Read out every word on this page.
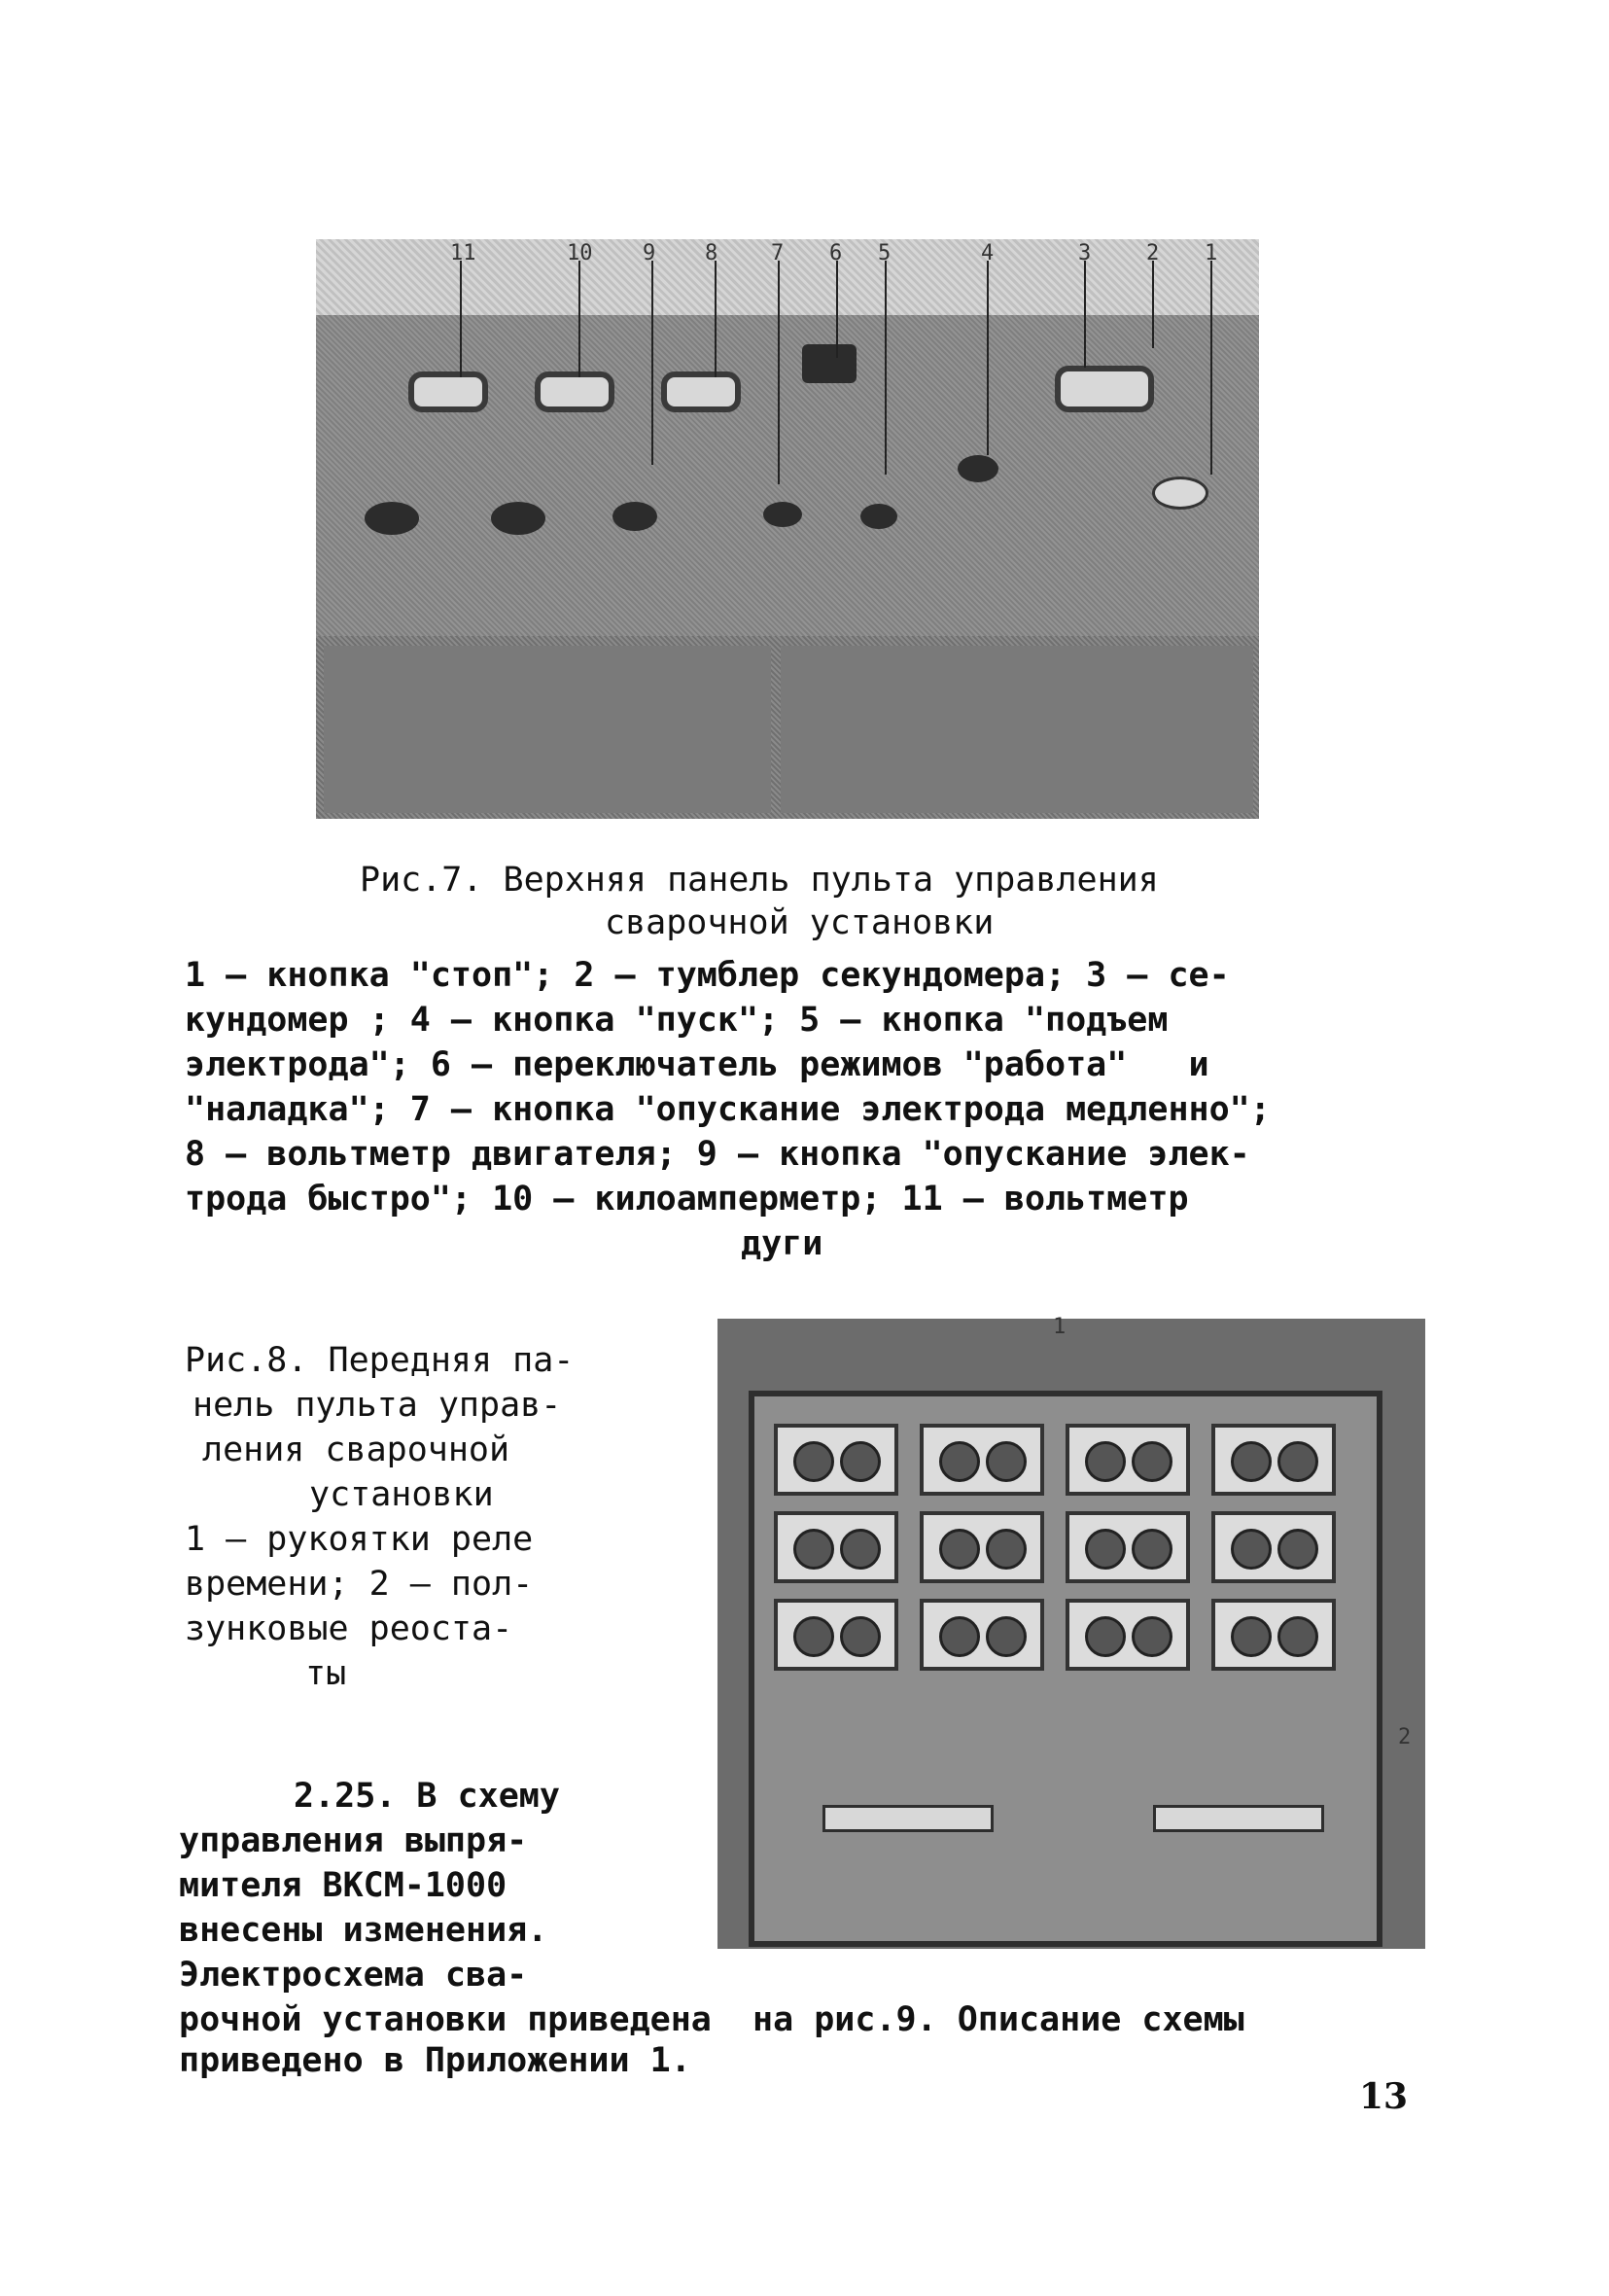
11	10 9 8 7 6 5	4	3	2 1
Рис.7. Верхняя панель пульта управления
сварочной установки
1 – кнопка "стоп"; 2 – тумблер секундомера; 3 – се-
кундомер ; 4 – кнопка "пуск"; 5 – кнопка "подъем
электрода"; 6 – переключатель режимов "работа"   и
"наладка"; 7 – кнопка "опускание электрода медленно";
8 – вольтметр двигателя; 9 – кнопка "опускание элек-
трода быстро"; 10 – килоамперметр; 11 – вольтметр
дуги
1
2
Рис.8. Передняя па-
нель пульта управ-
ления сварочной
установки
1 – рукоятки реле
времени; 2 – пол-
зунковые реоста-
ты
2.25. В схему
управления выпря-
мителя ВКСМ-1000
внесены изменения.
Электросхема сва-
рочной установки приведена  на рис.9. Описание схемы
приведено в Приложении 1.
13
